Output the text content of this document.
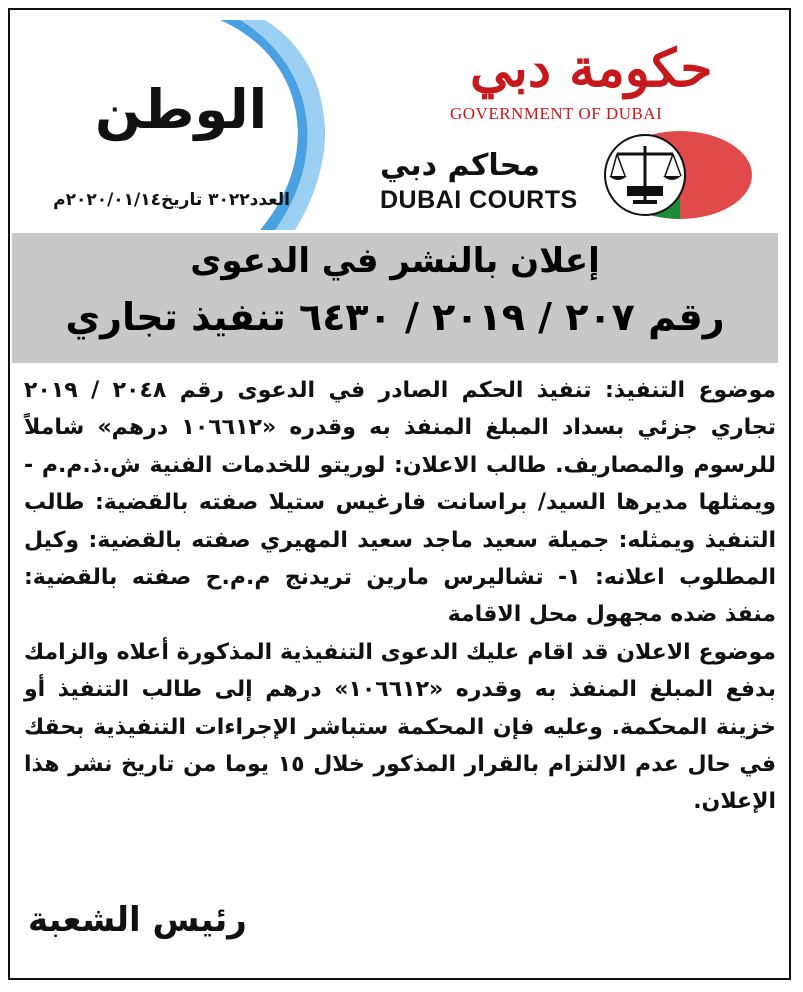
الوطن
العدد٣٠٢٢ تاريخ٢٠٢٠/٠١/١٤م
حكومة دبي
GOVERNMENT OF DUBAI
محاكم دبي
DUBAI COURTS
إعلان بالنشر في الدعوى
رقم ٢٠٧ / ٢٠١٩ / ٦٤٣٠ تنفيذ تجاري

موضوع التنفيذ: تنفيذ الحكم الصادر في الدعوى رقم ٢٠٤٨ / ٢٠١٩ تجاري جزئي بسداد المبلغ المنفذ به وقدره «١٠٦٦١٢ درهم» شاملاً للرسوم والمصاريف. طالب الاعلان: لوريتو للخدمات الفنية ش.ذ.م.م - ويمثلها مديرها السيد/ براسانت فارغيس ستيلا صفته بالقضية: طالب التنفيذ ويمثله: جميلة سعيد ماجد سعيد المهيري صفته بالقضية: وكيل المطلوب اعلانه: ١- تشاليرس مارين تريدنج م.م.ح صفته بالقضية: منفذ ضده مجهول محل الاقامة

موضوع الاعلان قد اقام عليك الدعوى التنفيذية المذكورة أعلاه والزامك بدفع المبلغ المنفذ به وقدره «١٠٦٦١٢» درهم إلى طالب التنفيذ أو خزينة المحكمة. وعليه فإن المحكمة ستباشر الإجراءات التنفيذية بحقك في حال عدم الالتزام بالقرار المذكور خلال ١٥ يوما من تاريخ نشر هذا الإعلان.

رئيس الشعبة
